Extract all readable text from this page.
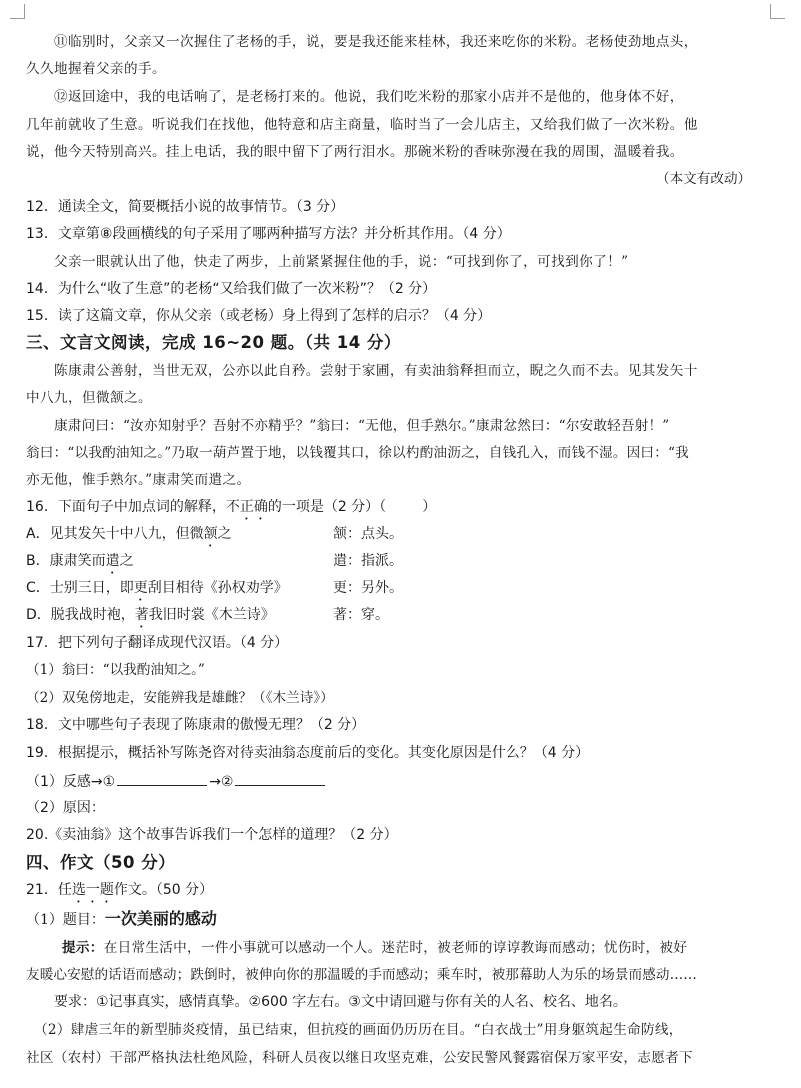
⑪临别时，父亲又一次握住了老杨的手，说，要是我还能来桂林，我还来吃你的米粉。老杨使劲地点头，
久久地握着父亲的手。
⑫返回途中，我的电话响了，是老杨打来的。他说，我们吃米粉的那家小店并不是他的，他身体不好，
几年前就收了生意。听说我们在找他，他特意和店主商量，临时当了一会儿店主，又给我们做了一次米粉。他
说，他今天特别高兴。挂上电话，我的眼中留下了两行泪水。那碗米粉的香味弥漫在我的周围，温暖着我。
（本文有改动）
12．通读全文，简要概括小说的故事情节。（3 分）
13．文章第⑧段画横线的句子采用了哪两种描写方法？并分析其作用。（4 分）
父亲一眼就认出了他，快走了两步，上前紧紧握住他的手，说：“可找到你了，可找到你了！”
14．为什么“收了生意”的老杨“又给我们做了一次米粉”？（2 分）
15．读了这篇文章，你从父亲（或老杨）身上得到了怎样的启示？（4 分）
三、文言文阅读，完成 16~20 题。（共 14 分）
陈康肃公善射，当世无双，公亦以此自矜。尝射于家圃，有卖油翁释担而立，睨之久而不去。见其发矢十
中八九，但微颔之。
康肃问曰：“汝亦知射乎？吾射不亦精乎？”翁曰：“无他，但手熟尔。”康肃忿然曰：“尔安敢轻吾射！”
翁曰：“以我酌油知之。”乃取一葫芦置于地，以钱覆其口，徐以杓酌油沥之，自钱孔入，而钱不湿。因曰：“我
亦无他，惟手熟尔。”康肃笑而遣之。
16．下面句子中加点词的解释，不正确的一项是（2 分）（	）
A．见其发矢十中八九，但微颔之	颔：点头。
B．康肃笑而遣之	遣：指派。
C．士别三日，即更刮目相待《孙权劝学》	更：另外。
D．脱我战时袍，著我旧时裳《木兰诗》	著：穿。
17．把下列句子翻译成现代汉语。（4 分）
（1）翁曰：“以我酌油知之。”
（2）双兔傍地走，安能辨我是雄雌？（《木兰诗》）
18．文中哪些句子表现了陈康肃的傲慢无理？（2 分）
19．根据提示，概括补写陈尧咨对待卖油翁态度前后的变化。其变化原因是什么？（4 分）
（1）反感→①	→②
（2）原因：
20.《卖油翁》这个故事告诉我们一个怎样的道理？（2 分）
四、作文（50 分）
21．任选一题作文。（50 分）
（1）题目：一次美丽的感动
提示：在日常生活中，一件小事就可以感动一个人。迷茫时，被老师的谆谆教诲而感动；忧伤时，被好
友暖心安慰的话语而感动；跌倒时，被伸向你的那温暖的手而感动；乘车时，被那幕助人为乐的场景而感动……
要求：①记事真实，感情真挚。②600 字左右。③文中请回避与你有关的人名、校名、地名。
（2）肆虐三年的新型肺炎疫情，虽已结束，但抗疫的画面仍历历在目。“白衣战士”用身躯筑起生命防线，
社区（农村）干部严格执法杜绝风险，科研人员夜以继日攻坚克难，公安民警风餐露宿保万家平安，志愿者下
